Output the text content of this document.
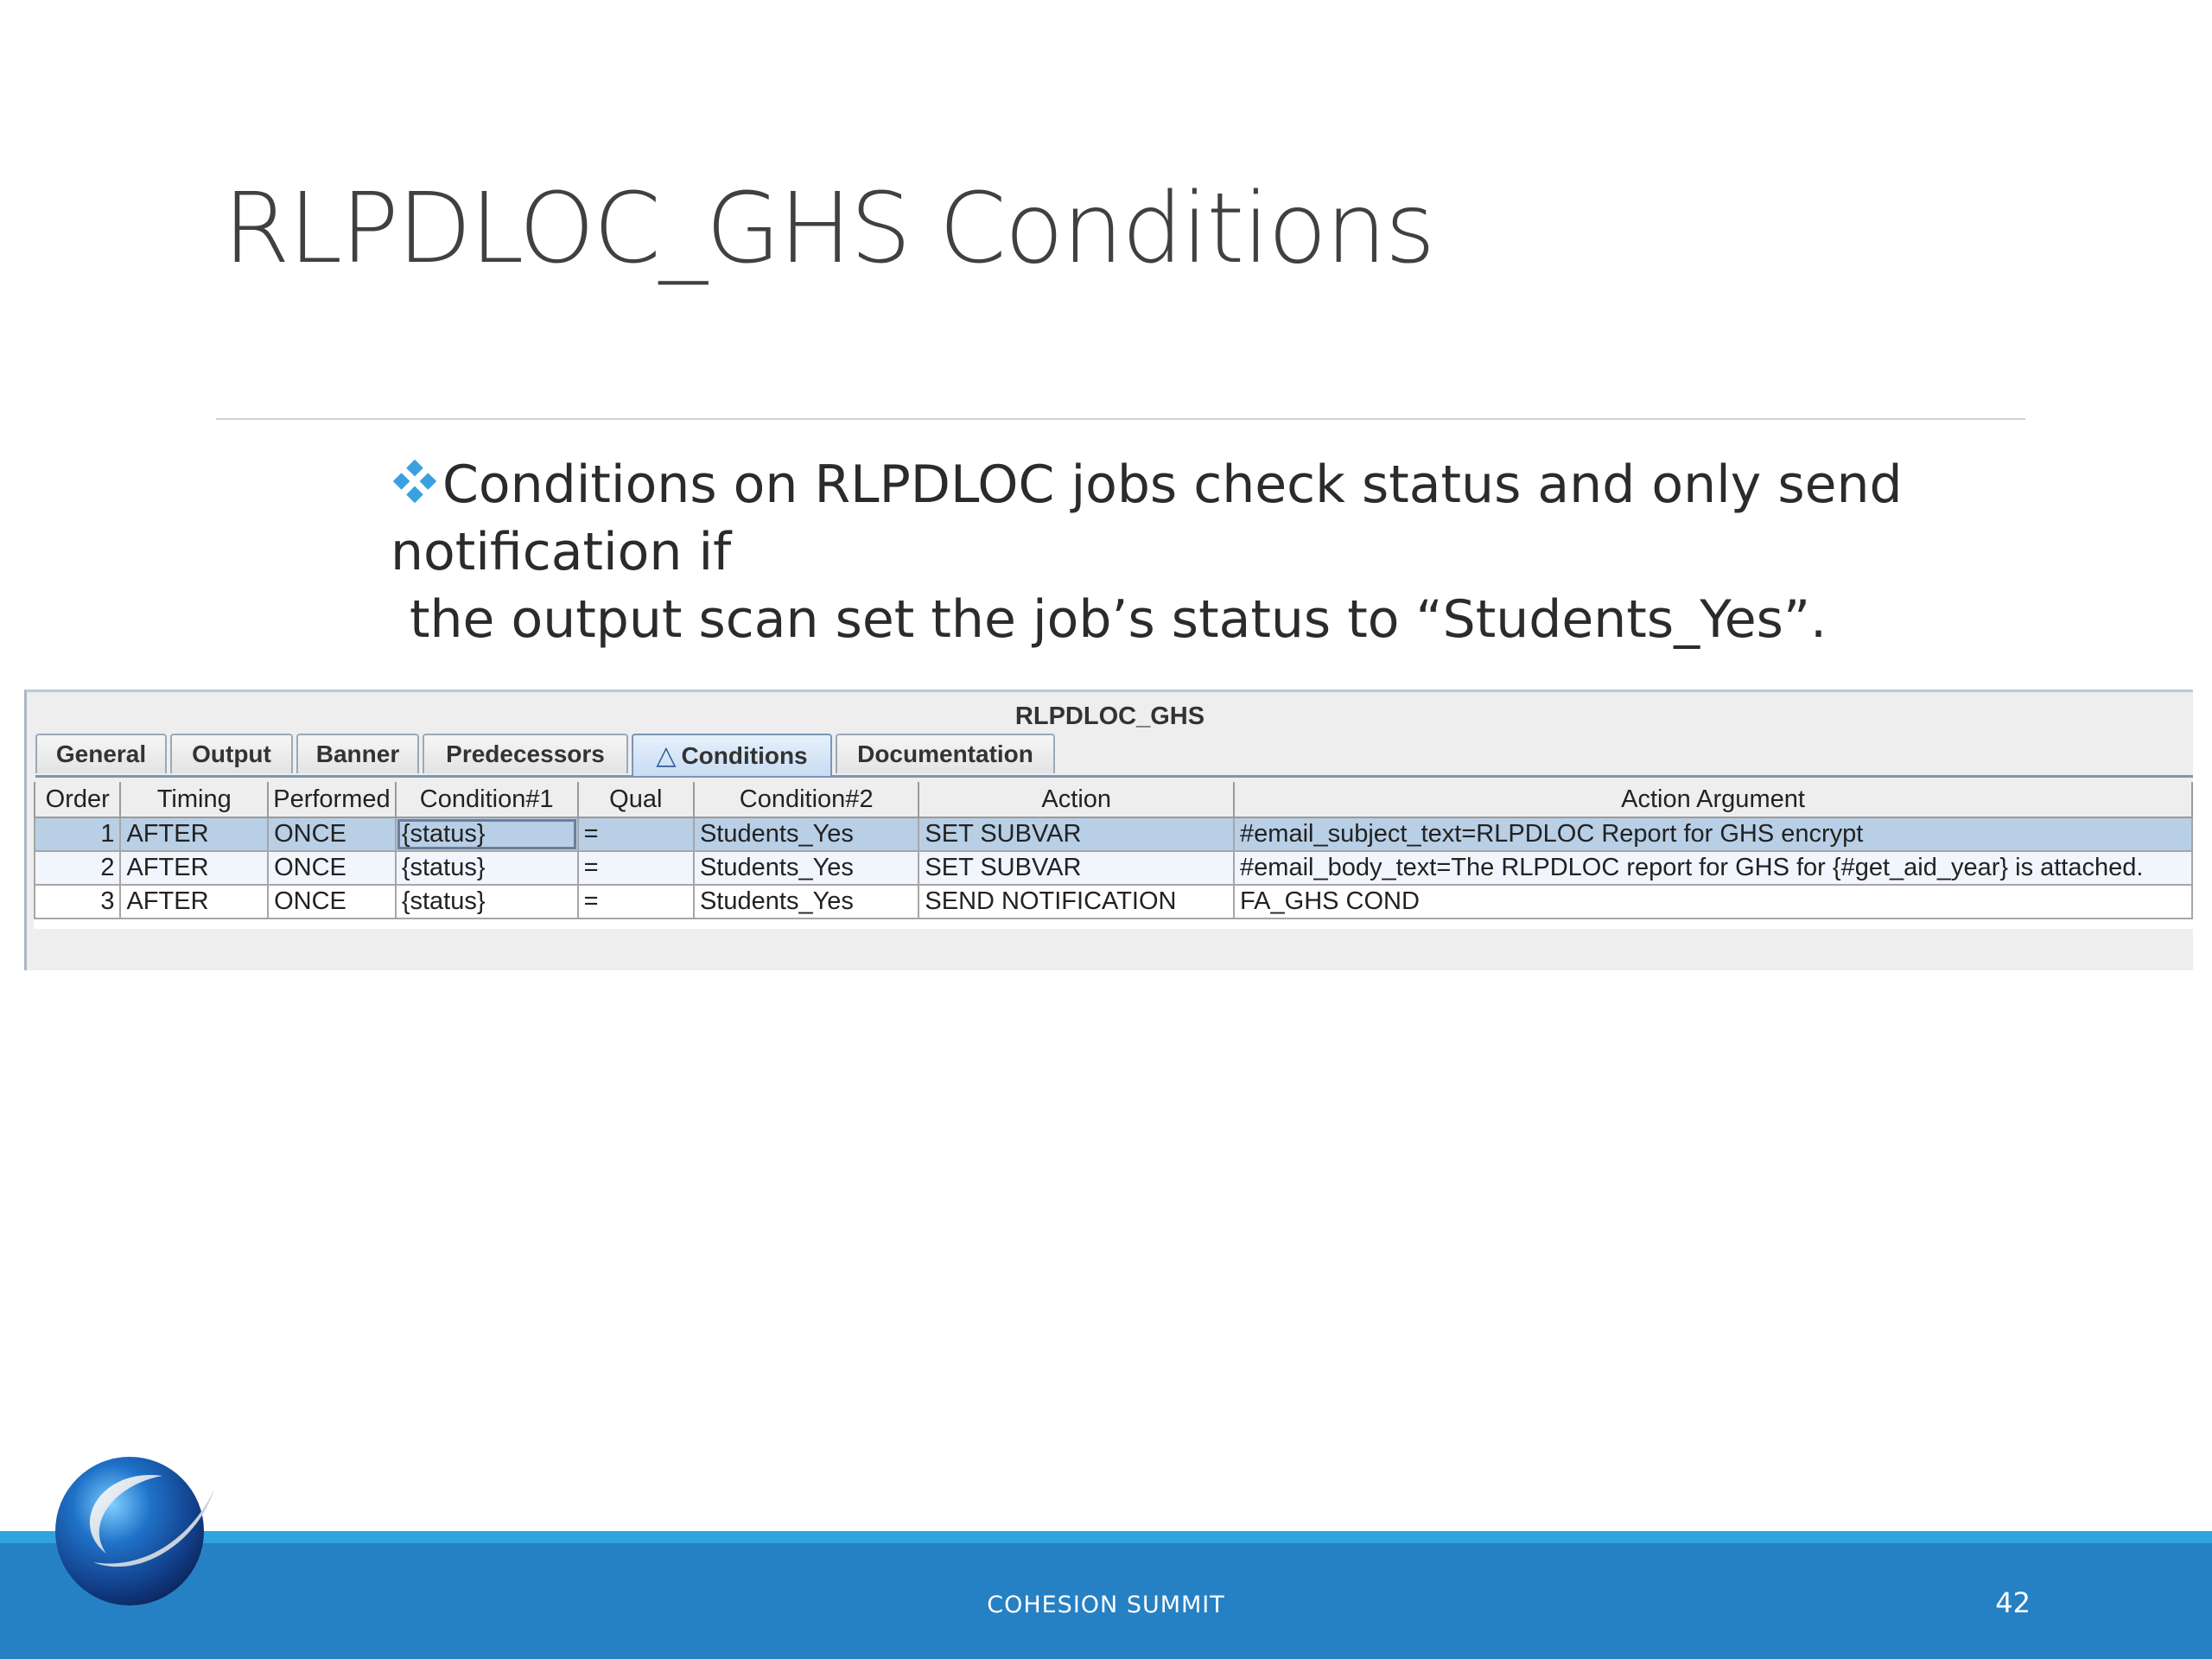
RLPDLOC_GHS Conditions
Conditions on RLPDLOC jobs check status and only send notification if
the output scan set the job’s status to “Students_Yes”.
RLPDLOC_GHS
General Output Banner Predecessors △ Conditions Documentation
Order	Timing	Performed	Condition#1	Qual	Condition#2	Action	Action Argument
1	AFTER	ONCE	{status}	=	Students_Yes	SET SUBVAR	#email_subject_text=RLPDLOC Report for GHS encrypt
2	AFTER	ONCE	{status}	=	Students_Yes	SET SUBVAR	#email_body_text=The RLPDLOC report for GHS for {#get_aid_year} is attached.
3	AFTER	ONCE	{status}	=	Students_Yes	SEND NOTIFICATION	FA_GHS COND
COHESION SUMMIT	42
